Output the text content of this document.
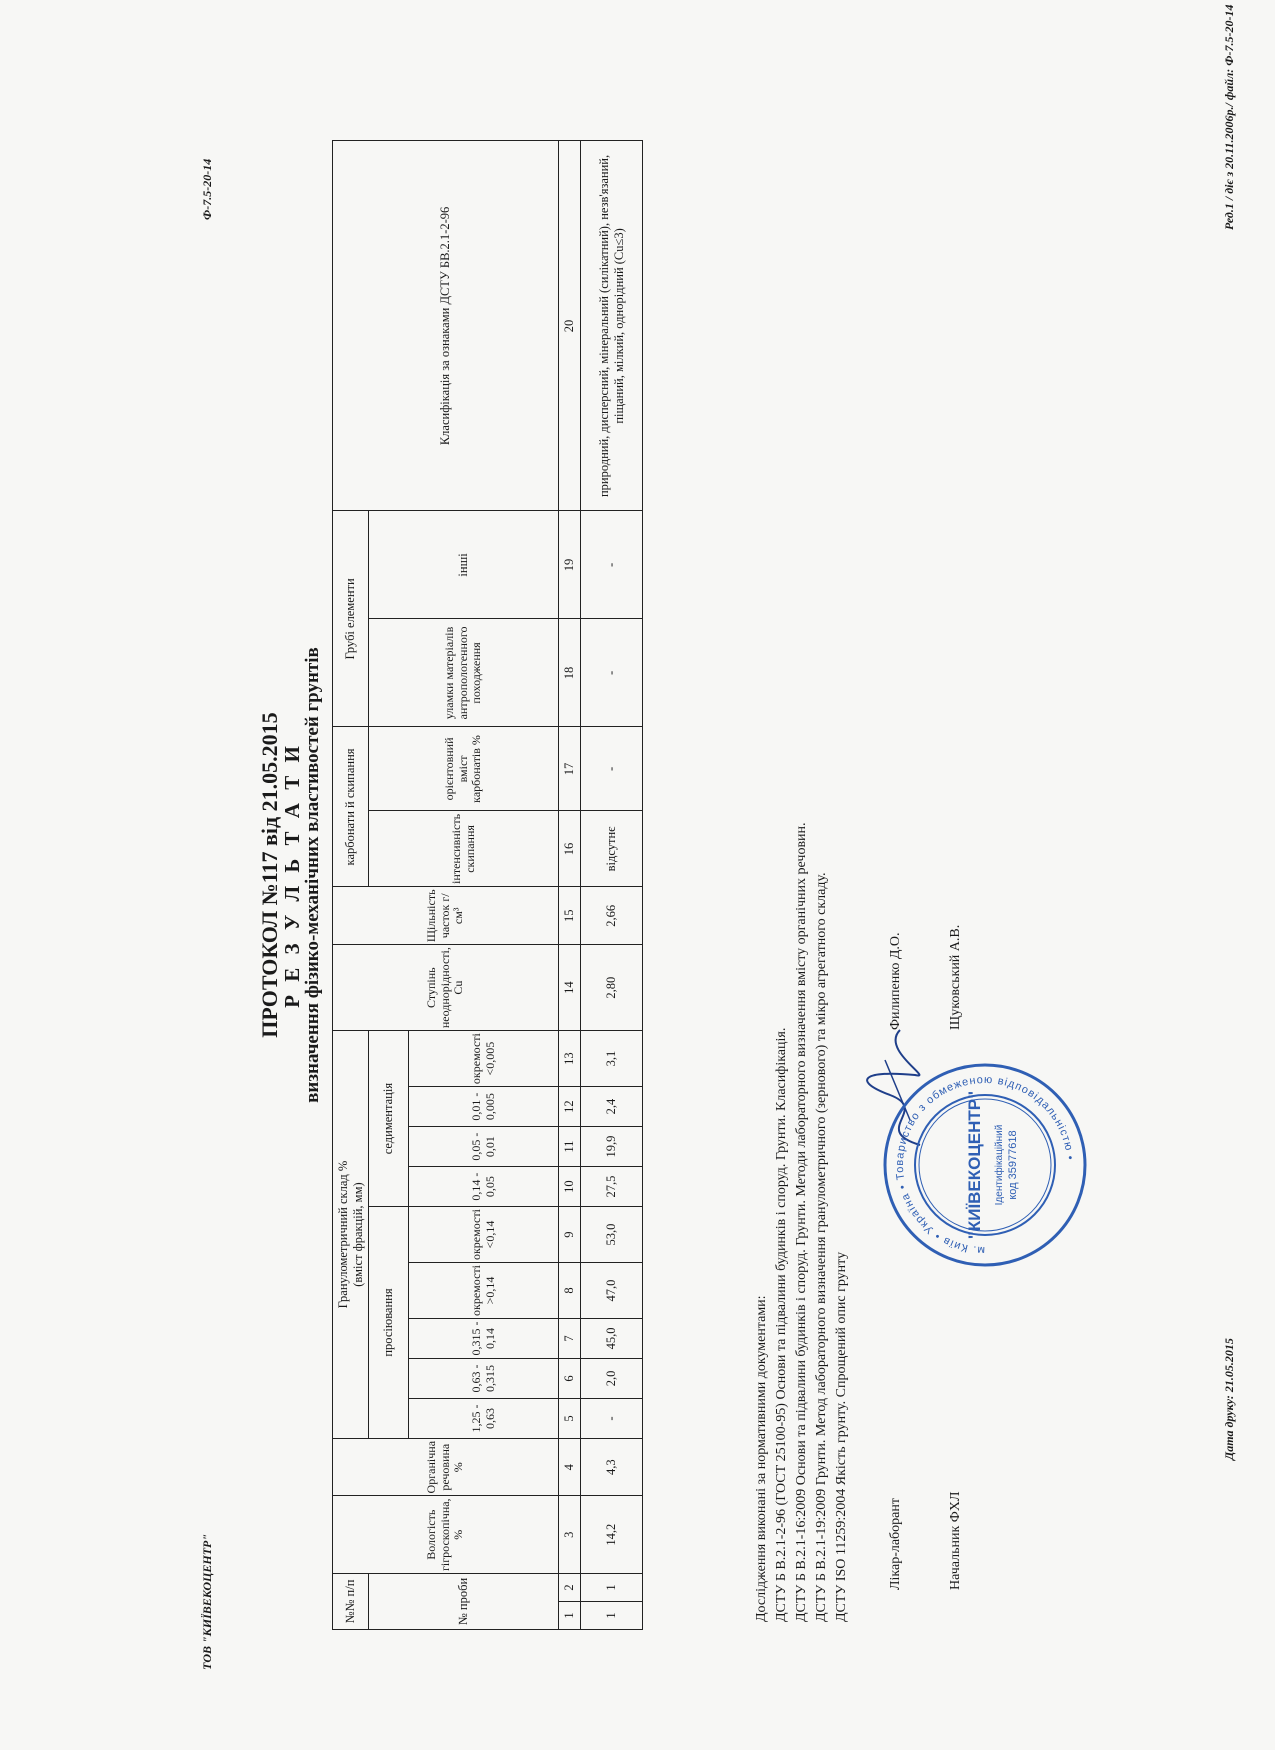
ТОВ "КИЇВЕКОЦЕНТР"
Ф-7.5-20-14
ПРОТОКОЛ №117 від 21.05.2015
Р Е З У Л Ь Т А Т И
визначення фізико-механічних властивостей грунтів
№№ п/п		Вологість гігроскопічна, %	Органічна речовина %	Гранулометричний склад % (вміст фракцій, мм)									Ступінь неоднорідності, Cu	Щільність часток г/см³	карбонати й скипання		Грубі елементи		Класифікація за ознаками ДСТУ БВ.2.1-2-96
№ проби				просіювання					седиментація						інтенсивність скипання	орієнтовний вміст карбонатів %	уламки матеріалів антропологенного походження	інші	
				1,25 - 0,63	0,63 - 0,315	0,315 - 0,14	окремості >0,14	окремості <0,14	0,14 - 0,05	0,05 - 0,01	0,01 - 0,005	окремості <0,005							
1	2	3	4	5	6	7	8	9	10	11	12	13	14	15	16	17	18	19	20
1	1	14,2	4,3	-	2,0	45,0	47,0	53,0	27,5	19,9	2,4	3,1	2,80	2,66	відсутнє	-	-	-	природний, дисперсний, мінеральний (силікатний), незв'язаний, піщаний, мілкий, однорідний (Cu≤3)
Дослідження виконані за нормативними документами: ДСТУ Б В.2.1-2-96 (ГОСТ 25100-95) Основи та підвалини будинків і споруд. Грунти. Класифікація. ДСТУ Б В.2.1-16:2009 Основи та підвалини будинків і споруд. Грунти. Методи лабораторного визначення вмісту органічних речовин. ДСТУ Б В.2.1-19:2009 Грунти. Метод лабораторного визначення гранулометричного (зернового) та мікро агрегатного складу. ДСТУ ISO 11259:2004 Якість грунту. Спрощений опис грунту	Лікар-лаборант
Филипенко Д.О.
Начальник ФХЛ
Щуковський А.В.
м. Київ • Україна • Товариство з обмеженою відповідальністю •
"КИЇВЕКОЦЕНТР" Ідентифікаційний код 35977618
Дата друку: 21.05.2015
Ред.1 / діє з 20.11.2006р./ файл: Ф-7.5-20-14
